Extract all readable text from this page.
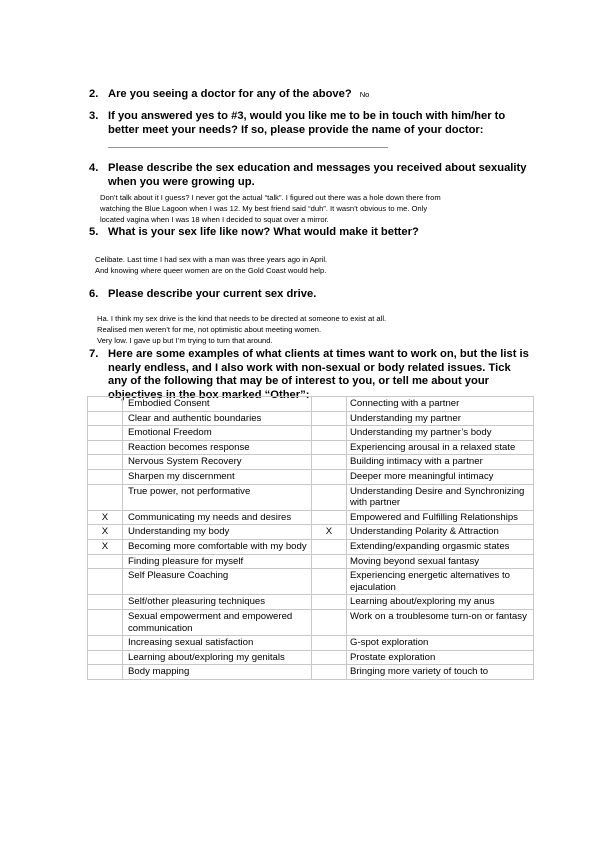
2. Are you seeing a doctor for any of the above? No
3. If you answered yes to #3, would you like me to be in touch with him/her to better meet your needs? If so, please provide the name of your doctor: _____________________________________________
4. Please describe the sex education and messages you received about sexuality when you were growing up.
Don’t talk about it I guess? I never got the actual “talk”. I figured out there was a hole down there from
watching the Blue Lagoon when I was 12. My best friend said “duh”. It wasn’t obvious to me. Only
located vagina when I was 18 when I decided to squat over a mirror.
5. What is your sex life like now? What would make it better?
Celibate. Last time I had sex with a man was three years ago in April.
And knowing where queer women are on the Gold Coast would help.
6. Please describe your current sex drive.
Ha. I think my sex drive is the kind that needs to be directed at someone to exist at all.
Realised men weren’t for me, not optimistic about meeting women.
Very low. I gave up but I’m trying to turn that around.
7. Here are some examples of what clients at times want to work on, but the list is nearly endless, and I also work with non-sexual or body related issues. Tick any of the following that may be of interest to you, or tell me about your objectives in the box marked “Other”:
	Embodied Consent		Connecting with a partner
	Clear and authentic boundaries		Understanding my partner
	Emotional Freedom		Understanding my partner’s body
	Reaction becomes response		Experiencing arousal in a relaxed state
	Nervous System Recovery		Building intimacy with a partner
	Sharpen my discernment		Deeper more meaningful intimacy
	True power, not performative		Understanding Desire and Synchronizing with partner
X	Communicating my needs and desires		Empowered and Fulfilling Relationships
X	Understanding my body	X	Understanding Polarity & Attraction
X	Becoming more comfortable with my body		Extending/expanding orgasmic states
	Finding pleasure for myself		Moving beyond sexual fantasy
	Self Pleasure Coaching		Experiencing energetic alternatives to ejaculation
	Self/other pleasuring techniques		Learning about/exploring my anus
	Sexual empowerment and empowered communication		Work on a troublesome turn-on or fantasy
	Increasing sexual satisfaction		G-spot exploration
	Learning about/exploring my genitals		Prostate exploration
	Body mapping		Bringing more variety of touch to
